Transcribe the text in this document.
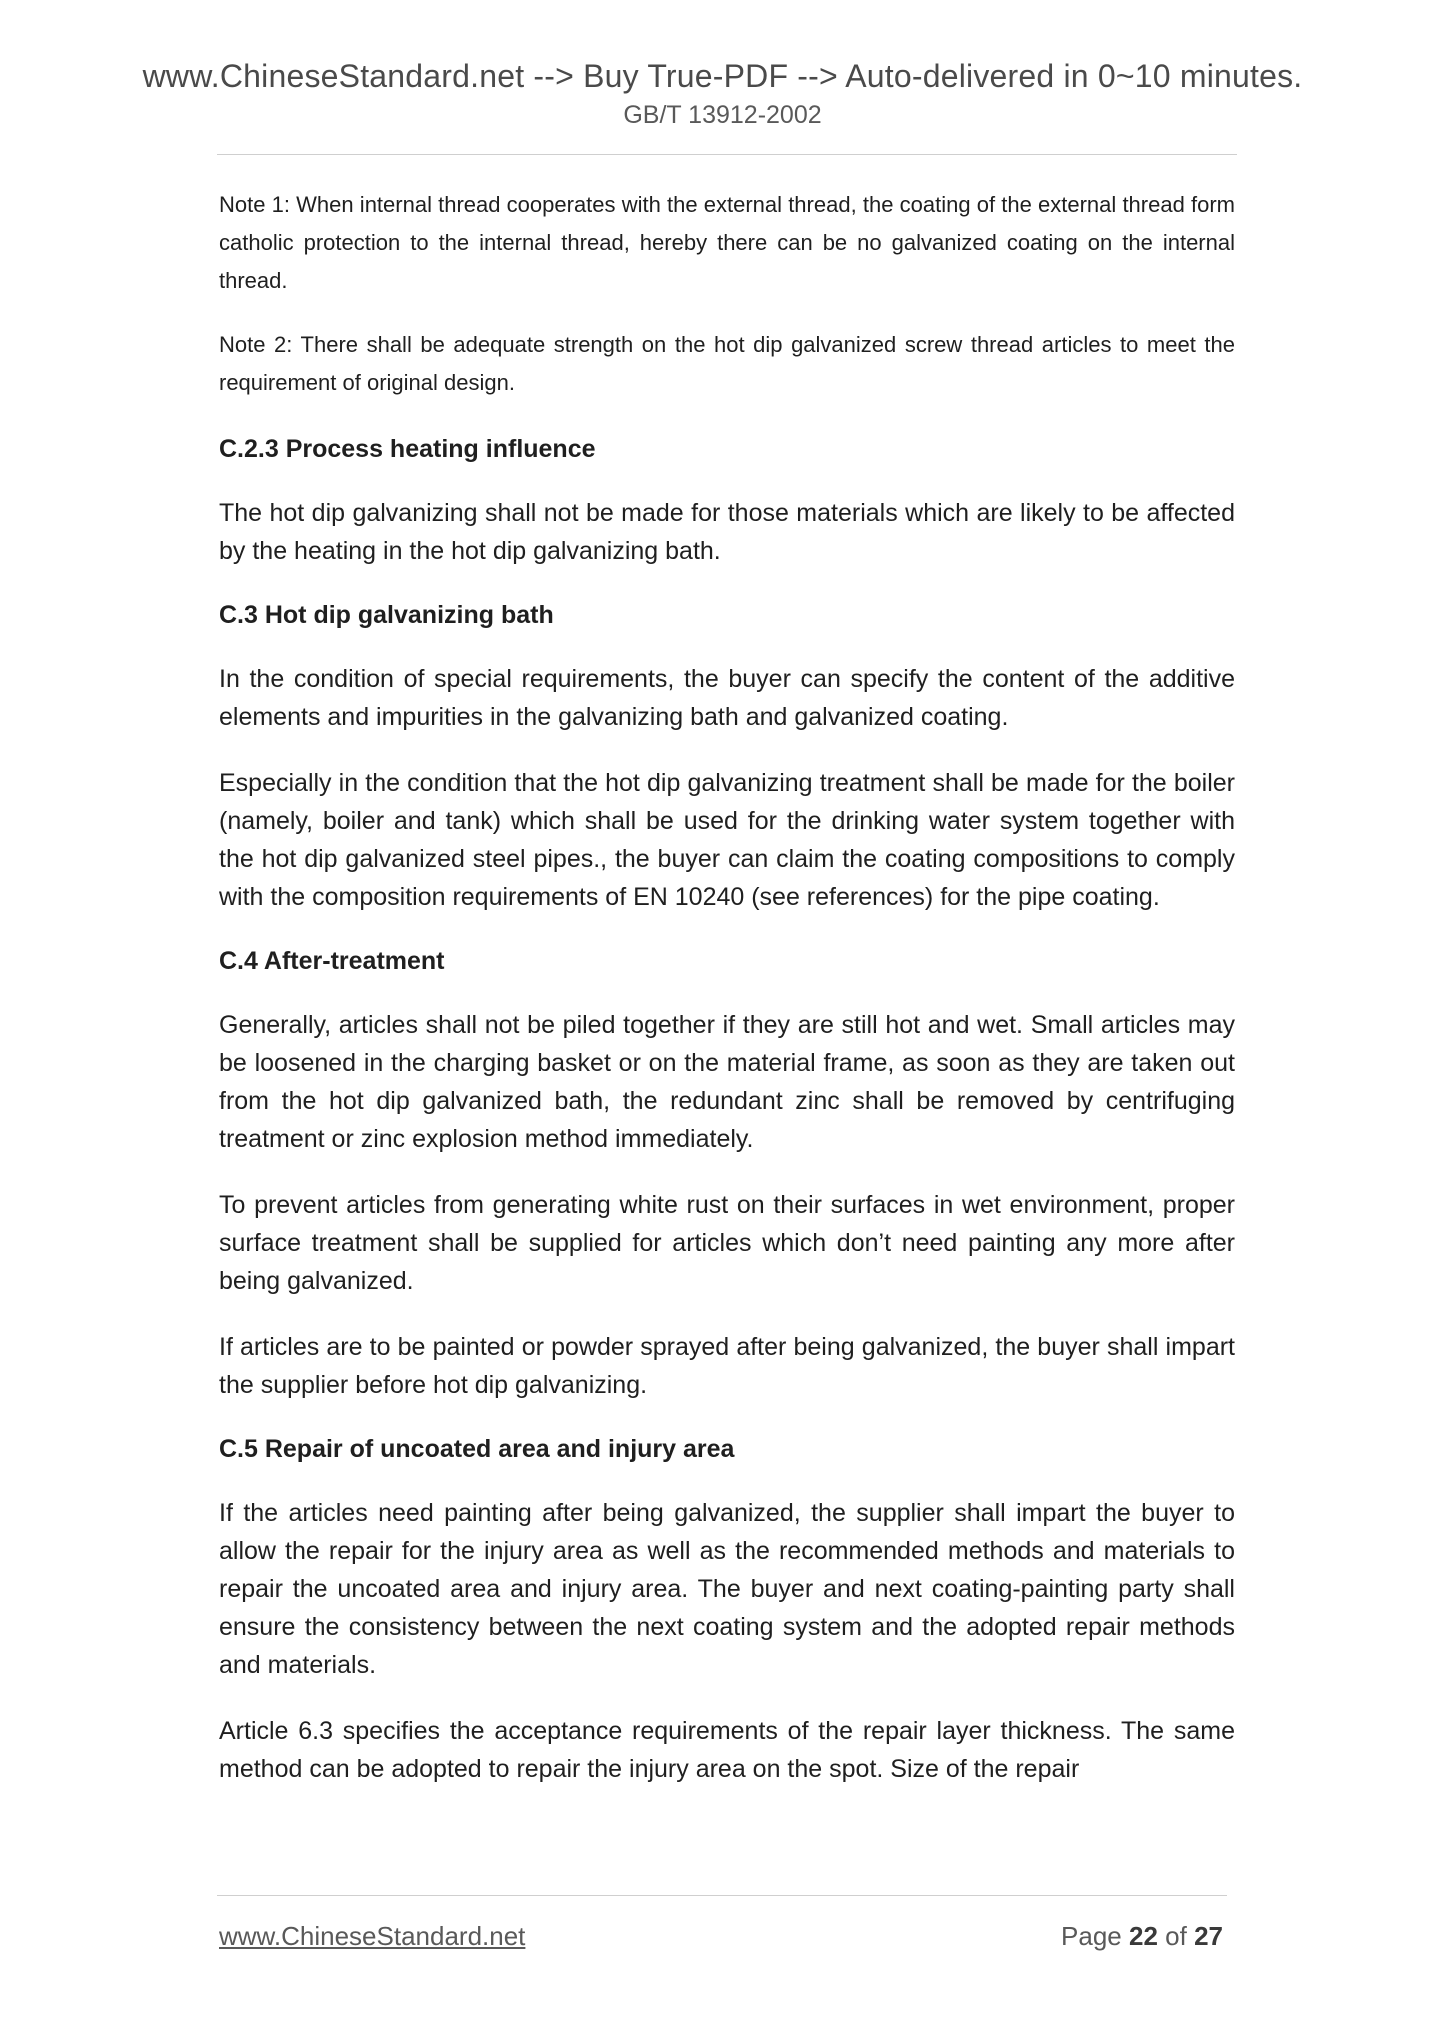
www.ChineseStandard.net --> Buy True-PDF --> Auto-delivered in 0~10 minutes.
GB/T 13912-2002

Note 1: When internal thread cooperates with the external thread, the coating of the external thread form catholic protection to the internal thread, hereby there can be no galvanized coating on the internal thread.

Note 2: There shall be adequate strength on the hot dip galvanized screw thread articles to meet the requirement of original design.

C.2.3 Process heating influence

The hot dip galvanizing shall not be made for those materials which are likely to be affected by the heating in the hot dip galvanizing bath.

C.3 Hot dip galvanizing bath

In the condition of special requirements, the buyer can specify the content of the additive elements and impurities in the galvanizing bath and galvanized coating.

Especially in the condition that the hot dip galvanizing treatment shall be made for the boiler (namely, boiler and tank) which shall be used for the drinking water system together with the hot dip galvanized steel pipes., the buyer can claim the coating compositions to comply with the composition requirements of EN 10240 (see references) for the pipe coating.

C.4 After-treatment

Generally, articles shall not be piled together if they are still hot and wet. Small articles may be loosened in the charging basket or on the material frame, as soon as they are taken out from the hot dip galvanized bath, the redundant zinc shall be removed by centrifuging treatment or zinc explosion method immediately.

To prevent articles from generating white rust on their surfaces in wet environment, proper surface treatment shall be supplied for articles which don’t need painting any more after being galvanized.

If articles are to be painted or powder sprayed after being galvanized, the buyer shall impart the supplier before hot dip galvanizing.

C.5 Repair of uncoated area and injury area

If the articles need painting after being galvanized, the supplier shall impart the buyer to allow the repair for the injury area as well as the recommended methods and materials to repair the uncoated area and injury area. The buyer and next coating-painting party shall ensure the consistency between the next coating system and the adopted repair methods and materials.

Article 6.3 specifies the acceptance requirements of the repair layer thickness. The same method can be adopted to repair the injury area on the spot. Size of the repair

www.ChineseStandard.net	Page 22 of 27
